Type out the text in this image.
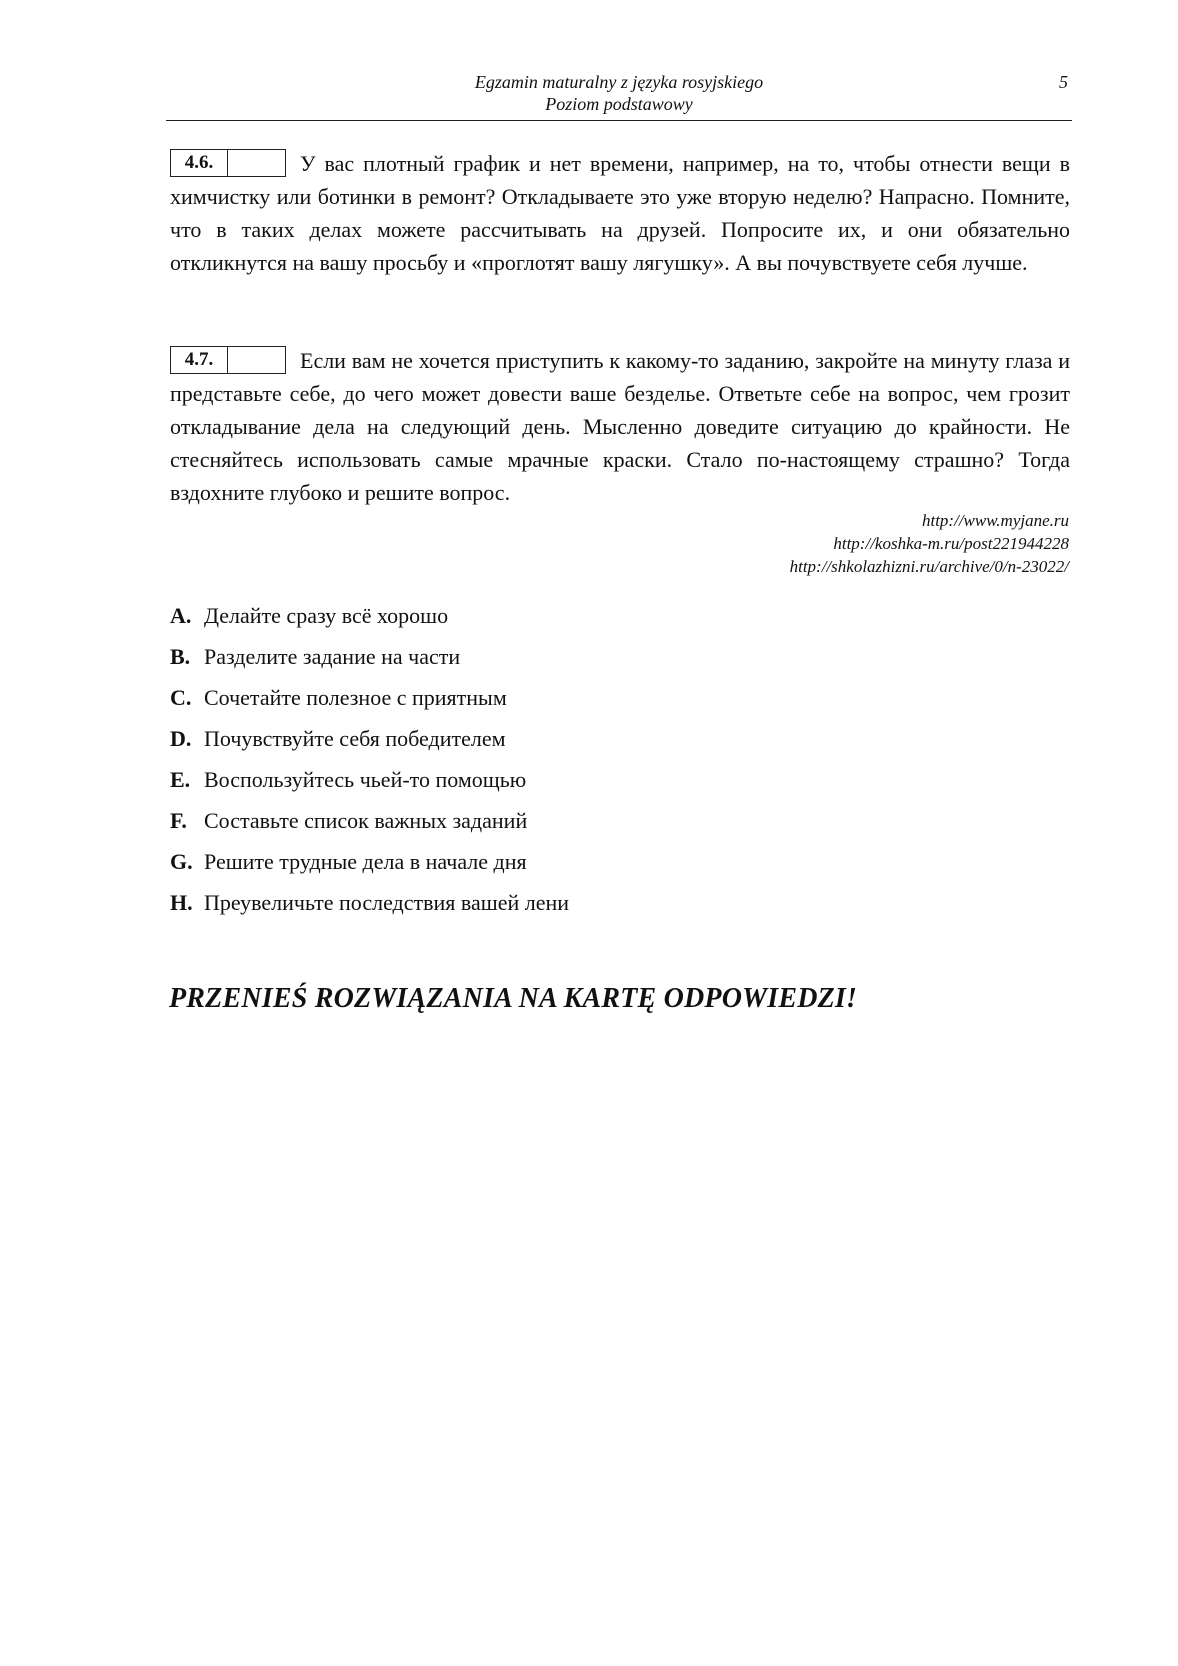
Egzamin maturalny z języka rosyjskiego
Poziom podstawowy
5
4.6.	У вас плотный график и нет времени, например, на то, чтобы отнести вещи в химчистку или ботинки в ремонт? Откладываете это уже вторую неделю? Напрасно. Помните, что в таких делах можете рассчитывать на друзей. Попросите их, и они обязательно откликнутся на вашу просьбу и «проглотят вашу лягушку». А вы почувствуете себя лучше.
4.7.	Если вам не хочется приступить к какому-то заданию, закройте на минуту глаза и представьте себе, до чего может довести ваше безделье. Ответьте себе на вопрос, чем грозит откладывание дела на следующий день. Мысленно доведите ситуацию до крайности. Не стесняйтесь использовать самые мрачные краски. Стало по-настоящему страшно? Тогда вздохните глубоко и решите вопрос.
http://www.myjane.ru
http://koshka-m.ru/post221944228
http://shkolazhizni.ru/archive/0/n-23022/
A. Делайте сразу всё хорошо
B. Разделите задание на части
C. Сочетайте полезное с приятным
D. Почувствуйте себя победителем
E. Воспользуйтесь чьей-то помощью
F. Составьте список важных заданий
G. Решите трудные дела в начале дня
H. Преувеличьте последствия вашей лени
PRZENIEŚ ROZWIĄZANIA NA KARTĘ ODPOWIEDZI!
